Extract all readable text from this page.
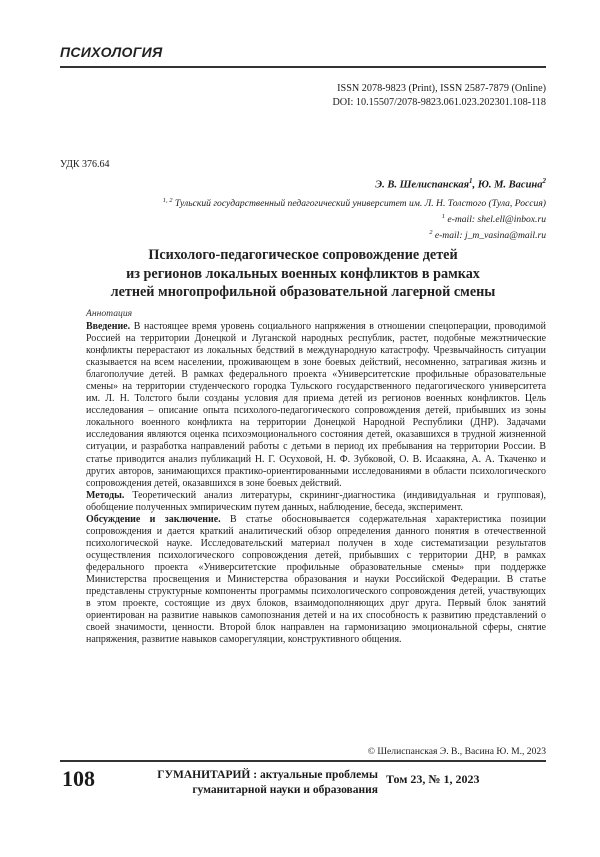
ПСИХОЛОГИЯ
ISSN 2078-9823 (Print), ISSN 2587-7879 (Online)
DOI: 10.15507/2078-9823.061.023.202301.108-118
УДК 376.64
Э. В. Шелиспанская$^1$, Ю. М. Васина$^2$
$^{1, 2}$ Тульский государственный педагогический университет им. Л. Н. Толстого (Тула, Россия)
$^1$ e-mail: shel.ell@inbox.ru
$^2$ e-mail: j_m_vasina@mail.ru
Психолого-педагогическое сопровождение детей
из регионов локальных военных конфликтов в рамках
летней многопрофильной образовательной лагерной смены
Аннотация

Введение. В настоящее время уровень социального напряжения в отношении спецоперации, проводимой Россией на территории Донецкой и Луганской народных республик, растет, подобные межэтнические конфликты перерастают из локальных бедствий в международную катастрофу. Чрезвычайность ситуации сказывается на всем населении, проживающем в зоне боевых действий, несомненно, затрагивая жизнь и благополучие детей. В рамках федерального проекта «Университетские профильные образовательные смены» на территории студенческого городка Тульского государственного педагогического университета им. Л. Н. Толстого были созданы условия для приема детей из регионов военных конфликтов. Цель исследования – описание опыта психолого-педагогического сопровождения детей, прибывших из зоны локального военного конфликта на территории Донецкой Народной Республики (ДНР). Задачами исследования являются оценка психоэмоционального состояния детей, оказавшихся в трудной жизненной ситуации, и разработка направлений работы с детьми в период их пребывания на территории России. В статье приводится анализ публикаций Н. Г. Осуховой, Н. Ф. Зубковой, О. В. Исаакяна, А. А. Ткаченко и других авторов, занимающихся практико-ориентированными исследованиями в области психологического сопровождения детей, оказавшихся в зоне боевых действий.

Методы. Теоретический анализ литературы, скрининг-диагностика (индивидуальная и групповая), обобщение полученных эмпирическим путем данных, наблюдение, беседа, эксперимент.

Обсуждение и заключение. В статье обосновывается содержательная характеристика позиции сопровождения и дается краткий аналитический обзор определения данного понятия в отечественной психологической науке. Исследовательский материал получен в ходе систематизации результатов осуществления психологического сопровождения детей, прибывших с территории ДНР, в рамках федерального проекта «Университетские профильные образовательные смены» при поддержке Министерства просвещения и Министерства образования и науки Российской Федерации. В статье представлены структурные компоненты программы психологического сопровождения детей, участвующих в этом проекте, состоящие из двух блоков, взаимодополняющих друг друга. Первый блок занятий ориентирован на развитие навыков самопознания детей и на их способность к развитию представлений о своей значимости, ценности. Второй блок направлен на гармонизацию эмоциональной сферы, снятие напряжения, развитие навыков саморегуляции, конструктивного общения.

© Шелиспанская Э. В., Васина Ю. М., 2023
108	ГУМАНИТАРИЙ : актуальные проблемы
гуманитарной науки и образования
Том 23, № 1, 2023
